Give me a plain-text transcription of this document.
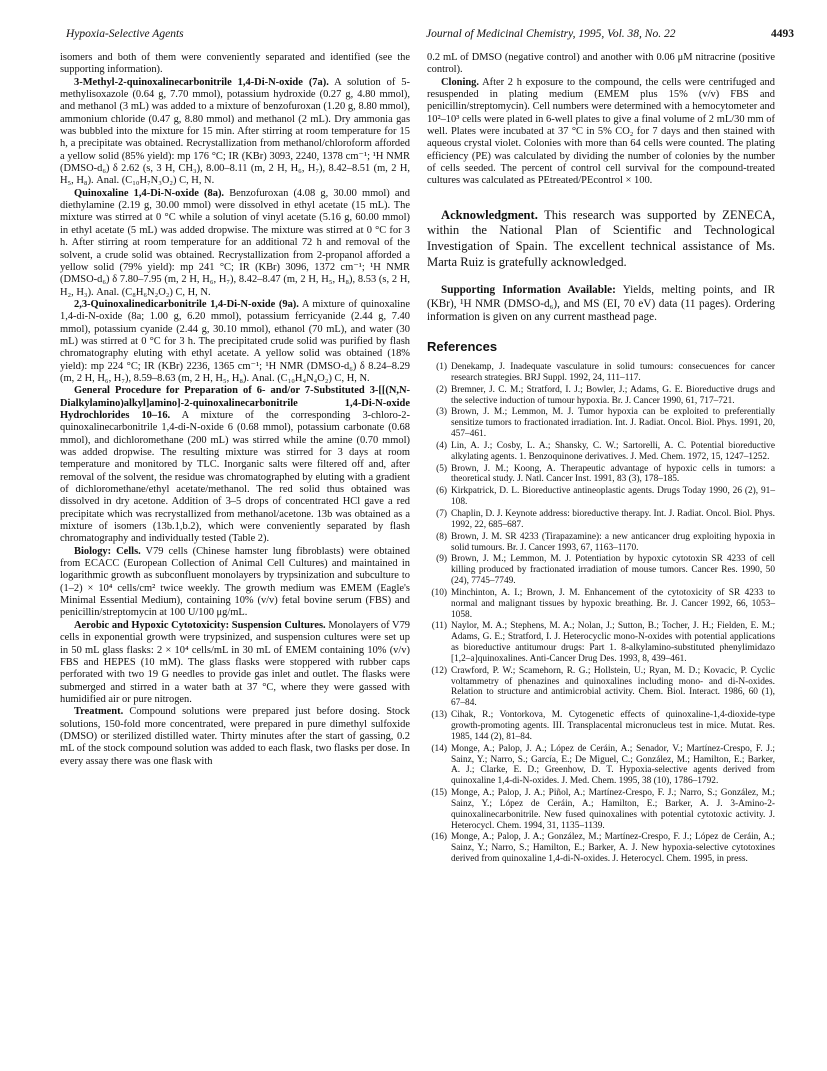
Hypoxia-Selective Agents	Journal of Medicinal Chemistry, 1995, Vol. 38, No. 22	4493

isomers and both of them were conveniently separated and identified (see the supporting information).

3-Methyl-2-quinoxalinecarbonitrile 1,4-Di-N-oxide (7a). A solution of 5-methylisoxazole (0.64 g, 7.70 mmol), potassium hydroxide (0.27 g, 4.80 mmol), and methanol (3 mL) was added to a mixture of benzofuroxan (1.20 g, 8.80 mmol), ammonium chloride (0.47 g, 8.80 mmol) and methanol (2 mL). Dry ammonia gas was bubbled into the mixture for 15 min. After stirring at room temperature for 15 h, a precipitate was obtained. Recrystallization from methanol/chloroform afforded a yellow solid (85% yield): mp 176 °C; IR (KBr) 3093, 2240, 1378 cm⁻¹; ¹H NMR (DMSO-d₆) δ 2.62 (s, 3 H, CH₃), 8.00–8.11 (m, 2 H, H₆, H₇), 8.42–8.51 (m, 2 H, H₅, H₈). Anal. (C₁₀H₇N₃O₂) C, H, N.

Quinoxaline 1,4-Di-N-oxide (8a). Benzofuroxan (4.08 g, 30.00 mmol) and diethylamine (2.19 g, 30.00 mmol) were dissolved in ethyl acetate (15 mL). The mixture was stirred at 0 °C while a solution of vinyl acetate (5.16 g, 60.00 mmol) in ethyl acetate (5 mL) was added dropwise. The mixture was stirred at 0 °C for 3 h. After stirring at room temperature for an additional 72 h and removal of the solvent, a crude solid was obtained. Recrystallization from 2-propanol afforded a yellow solid (79% yield): mp 241 °C; IR (KBr) 3096, 1372 cm⁻¹; ¹H NMR (DMSO-d₆) δ 7.80–7.95 (m, 2 H, H₆, H₇), 8.42–8.47 (m, 2 H, H₅, H₈), 8.53 (s, 2 H, H₂, H₃). Anal. (C₈H₆N₂O₂) C, H, N.

2,3-Quinoxalinedicarbonitrile 1,4-Di-N-oxide (9a). A mixture of quinoxaline 1,4-di-N-oxide (8a; 1.00 g, 6.20 mmol), potassium ferricyanide (2.44 g, 7.40 mmol), potassium cyanide (2.44 g, 30.10 mmol), ethanol (70 mL), and water (30 mL) was stirred at 0 °C for 3 h. The precipitated crude solid was purified by flash chromatography eluting with ethyl acetate. A yellow solid was obtained (18% yield): mp 224 °C; IR (KBr) 2236, 1365 cm⁻¹; ¹H NMR (DMSO-d₆) δ 8.24–8.29 (m, 2 H, H₆, H₇), 8.59–8.63 (m, 2 H, H₅, H₈). Anal. (C₁₀H₄N₄O₂) C, H, N.

General Procedure for Preparation of 6- and/or 7-Substituted 3-[[(N,N-Dialkylamino)alkyl]amino]-2-quinoxalinecarbonitrile 1,4-Di-N-oxide Hydrochlorides 10–16. A mixture of the corresponding 3-chloro-2-quinoxalinecarbonitrile 1,4-di-N-oxide 6 (0.68 mmol), potassium carbonate (0.68 mmol), and dichloromethane (200 mL) was stirred while the amine (0.70 mmol) was added dropwise. The resulting mixture was stirred for 3 days at room temperature and monitored by TLC. Inorganic salts were filtered off and, after removal of the solvent, the residue was chromatographed by eluting with a gradient of dichloromethane/ethyl acetate/methanol. The red solid thus obtained was dissolved in dry acetone. Addition of 3–5 drops of concentrated HCl gave a red precipitate which was recrystallized from methanol/acetone. 13b was obtained as a mixture of isomers (13b.1,b.2), which were conveniently separated by flash chromatography and individually tested (Table 2).

Biology: Cells. V79 cells (Chinese hamster lung fibroblasts) were obtained from ECACC (European Collection of Animal Cell Cultures) and maintained in logarithmic growth as subconfluent monolayers by trypsinization and subculture to (1–2) × 10⁴ cells/cm² twice weekly. The growth medium was EMEM (Eagle's Minimal Essential Medium), containing 10% (v/v) fetal bovine serum (FBS) and penicillin/streptomycin at 100 U/100 μg/mL.

Aerobic and Hypoxic Cytotoxicity: Suspension Cultures. Monolayers of V79 cells in exponential growth were trypsinized, and suspension cultures were set up in 50 mL glass flasks: 2 × 10⁴ cells/mL in 30 mL of EMEM containing 10% (v/v) FBS and HEPES (10 mM). The glass flasks were stoppered with rubber caps perforated with two 19 G needles to provide gas inlet and outlet. The flasks were submerged and stirred in a water bath at 37 °C, where they were gassed with humidified air or pure nitrogen.

Treatment. Compound solutions were prepared just before dosing. Stock solutions, 150-fold more concentrated, were prepared in pure dimethyl sulfoxide (DMSO) or sterilized distilled water. Thirty minutes after the start of gassing, 0.2 mL of the stock compound solution was added to each flask, two flasks per dose. In every assay there was one flask with

0.2 mL of DMSO (negative control) and another with 0.06 μM nitracrine (positive control).

Cloning. After 2 h exposure to the compound, the cells were centrifuged and resuspended in plating medium (EMEM plus 15% (v/v) FBS and penicillin/streptomycin). Cell numbers were determined with a hemocytometer and 10²–10³ cells were plated in 6-well plates to give a final volume of 2 mL/30 mm of well. Plates were incubated at 37 °C in 5% CO₂ for 7 days and then stained with aqueous crystal violet. Colonies with more than 64 cells were counted. The plating efficiency (PE) was calculated by dividing the number of colonies by the number of cells seeded. The percent of control cell survival for the compound-treated cultures was calculated as PEtreated/PEcontrol × 100.

Acknowledgment. This research was supported by ZENECA, within the National Plan of Scientific and Technological Investigation of Spain. The excellent technical assistance of Ms. Marta Ruiz is gratefully acknowledged.

Supporting Information Available: Yields, melting points, and IR (KBr), ¹H NMR (DMSO-d₆), and MS (EI, 70 eV) data (11 pages). Ordering information is given on any current masthead page.

References
(1) Denekamp, J. Inadequate vasculature in solid tumours: consecuences for cancer research strategies. BRJ Suppl. 1992, 24, 111–117.
(2) Bremner, J. C. M.; Stratford, I. J.; Bowler, J.; Adams, G. E. Bioreductive drugs and the selective induction of tumour hypoxia. Br. J. Cancer 1990, 61, 717–721.
(3) Brown, J. M.; Lemmon, M. J. Tumor hypoxia can be exploited to preferentially sensitize tumors to fractionated irradiation. Int. J. Radiat. Oncol. Biol. Phys. 1991, 20, 457–461.
(4) Lin, A. J.; Cosby, L. A.; Shansky, C. W.; Sartorelli, A. C. Potential bioreductive alkylating agents. 1. Benzoquinone derivatives. J. Med. Chem. 1972, 15, 1247–1252.
(5) Brown, J. M.; Koong, A. Therapeutic advantage of hypoxic cells in tumors: a theoretical study. J. Natl. Cancer Inst. 1991, 83 (3), 178–185.
(6) Kirkpatrick, D. L. Bioreductive antineoplastic agents. Drugs Today 1990, 26 (2), 91–108.
(7) Chaplin, D. J. Keynote address: bioreductive therapy. Int. J. Radiat. Oncol. Biol. Phys. 1992, 22, 685–687.
(8) Brown, J. M. SR 4233 (Tirapazamine): a new anticancer drug exploiting hypoxia in solid tumours. Br. J. Cancer 1993, 67, 1163–1170.
(9) Brown, J. M.; Lemmon, M. J. Potentiation by hypoxic cytotoxin SR 4233 of cell killing produced by fractionated irradiation of mouse tumors. Cancer Res. 1990, 50 (24), 7745–7749.
(10) Minchinton, A. I.; Brown, J. M. Enhancement of the cytotoxicity of SR 4233 to normal and malignant tissues by hypoxic breathing. Br. J. Cancer 1992, 66, 1053–1058.
(11) Naylor, M. A.; Stephens, M. A.; Nolan, J.; Sutton, B.; Tocher, J. H.; Fielden, E. M.; Adams, G. E.; Stratford, I. J. Heterocyclic mono-N-oxides with potential applications as bioreductive antitumour drugs: Part 1. 8-alkylamino-substituted phenylimidazo [1,2–a]quinoxalines. Anti-Cancer Drug Des. 1993, 8, 439–461.
(12) Crawford, P. W.; Scamehorn, R. G.; Hollstein, U.; Ryan, M. D.; Kovacic, P. Cyclic voltammetry of phenazines and quinoxalines including mono- and di-N-oxides. Relation to structure and antimicrobial activity. Chem. Biol. Interact. 1986, 60 (1), 67–84.
(13) Cihak, R.; Vontorkova, M. Cytogenetic effects of quinoxaline-1,4-dioxide-type growth-promoting agents. III. Transplacental micronucleus test in mice. Mutat. Res. 1985, 144 (2), 81–84.
(14) Monge, A.; Palop, J. A.; López de Ceráin, A.; Senador, V.; Martínez-Crespo, F. J.; Sainz, Y.; Narro, S.; García, E.; De Miguel, C.; González, M.; Hamilton, E.; Barker, A. J.; Clarke, E. D.; Greenhow, D. T. Hypoxia-selective agents derived from quinoxaline 1,4-di-N-oxides. J. Med. Chem. 1995, 38 (10), 1786–1792.
(15) Monge, A.; Palop, J. A.; Piñol, A.; Martínez-Crespo, F. J.; Narro, S.; González, M.; Sainz, Y.; López de Ceráin, A.; Hamilton, E.; Barker, A. J. 3-Amino-2-quinoxalinecarbonitrile. New fused quinoxalines with potential cytotoxic activity. J. Heterocycl. Chem. 1994, 31, 1135–1139.
(16) Monge, A.; Palop, J. A.; González, M.; Martínez-Crespo, F. J.; López de Ceráin, A.; Sainz, Y.; Narro, S.; Hamilton, E.; Barker, A. J. New hypoxia-selective cytotoxines derived from quinoxaline 1,4-di-N-oxides. J. Heterocycl. Chem. 1995, in press.
